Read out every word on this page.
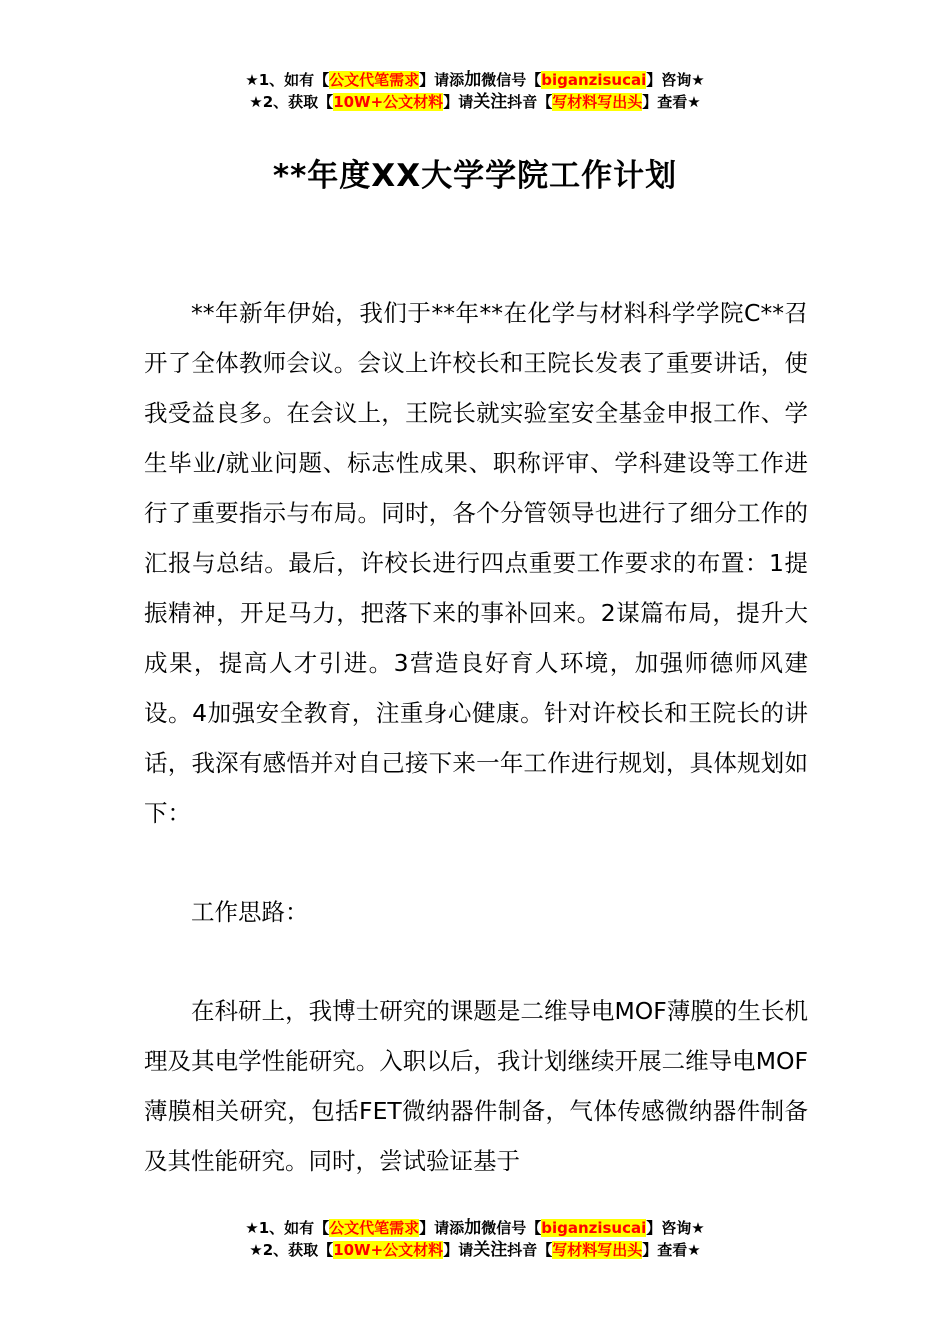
★1、如有【公文代笔需求】请添加微信号【biganzisucai】咨询★
★2、获取【10W+公文材料】请关注抖音【写材料写出头】查看★
**年度XX大学学院工作计划

**年新年伊始，我们于**年**在化学与材料科学学院C**召开了全体教师会议。会议上许校长和王院长发表了重要讲话，使我受益良多。在会议上，王院长就实验室安全基金申报工作、学生毕业/就业问题、标志性成果、职称评审、学科建设等工作进行了重要指示与布局。同时，各个分管领导也进行了细分工作的汇报与总结。最后，许校长进行四点重要工作要求的布置：1提振精神，开足马力，把落下来的事补回来。2谋篇布局，提升大成果，提高人才引进。3营造良好育人环境，加强师德师风建设。4加强安全教育，注重身心健康。针对许校长和王院长的讲话，我深有感悟并对自己接下来一年工作进行规划，具体规划如下：

工作思路：

在科研上，我博士研究的课题是二维导电MOF薄膜的生长机理及其电学性能研究。入职以后，我计划继续开展二维导电MOF薄膜相关研究，包括FET微纳器件制备，气体传感微纳器件制备及其性能研究。同时，尝试验证基于

★1、如有【公文代笔需求】请添加微信号【biganzisucai】咨询★
★2、获取【10W+公文材料】请关注抖音【写材料写出头】查看★
